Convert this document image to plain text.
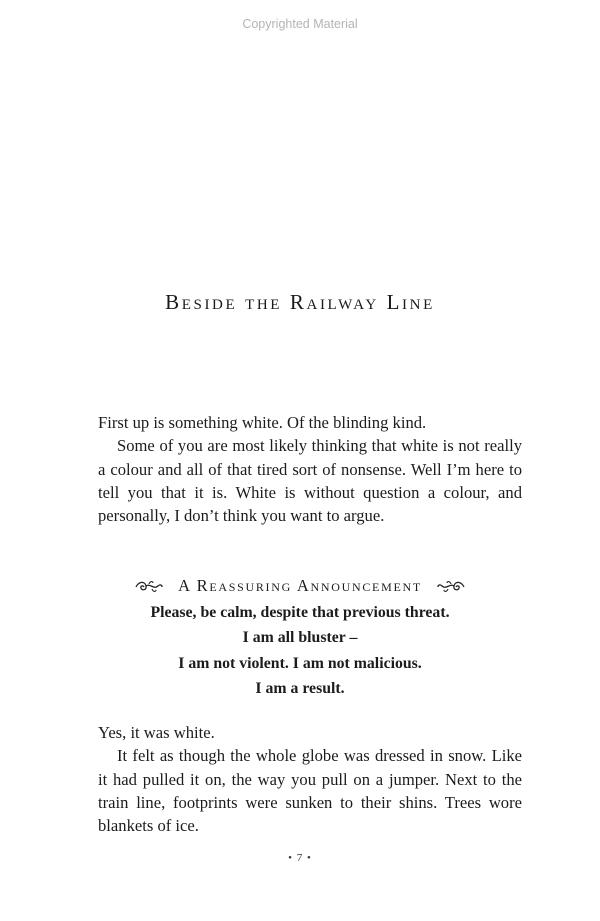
Copyrighted Material
Beside the Railway Line

First up is something white. Of the blinding kind.

Some of you are most likely thinking that white is not really a colour and all of that tired sort of nonsense. Well I’m here to tell you that it is. White is without question a colour, and personally, I don’t think you want to argue.

A Reassuring Announcement
Please, be calm, despite that previous threat.
I am all bluster –
I am not violent. I am not malicious.
I am a result.

Yes, it was white.

It felt as though the whole globe was dressed in snow. Like it had pulled it on, the way you pull on a jumper. Next to the train line, footprints were sunken to their shins. Trees wore blankets of ice.

• 7 •
